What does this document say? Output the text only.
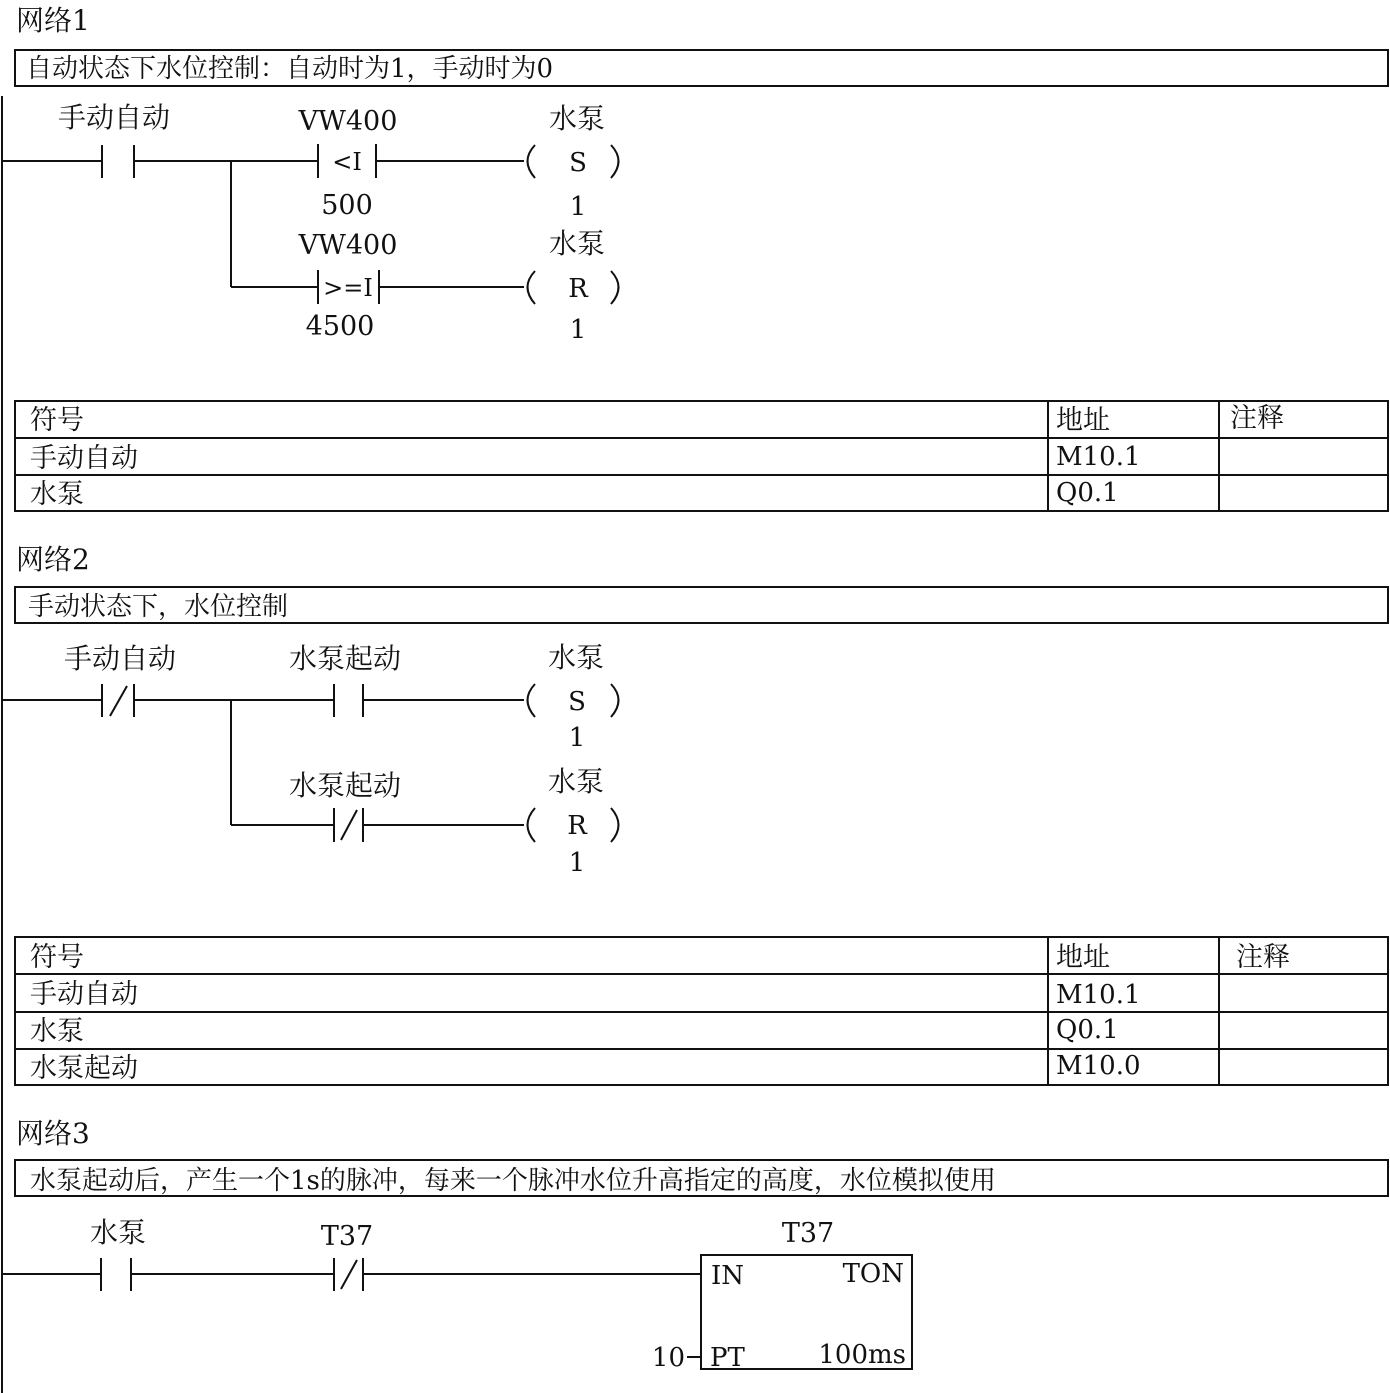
网络1
自动状态下水位控制：自动时为1，手动时为0
手动自动	VW400
<I
500
水泵
S
1
VW400
>=I
4500
水泵
R
1
符号	地址	注释
手动自动	M10.1
水泵	Q0.1
网络2
手动状态下，水位控制
手动自动	水泵起动	水泵
S
1
水泵起动	水泵
R
1
符号	地址	注释
手动自动	M10.1
水泵	Q0.1
水泵起动	M10.0
网络3
水泵起动后，产生一个1s的脉冲，每来一个脉冲水位升高指定的高度，水位模拟使用
水泵	T37	T37
IN	TON
PT	100ms
10
